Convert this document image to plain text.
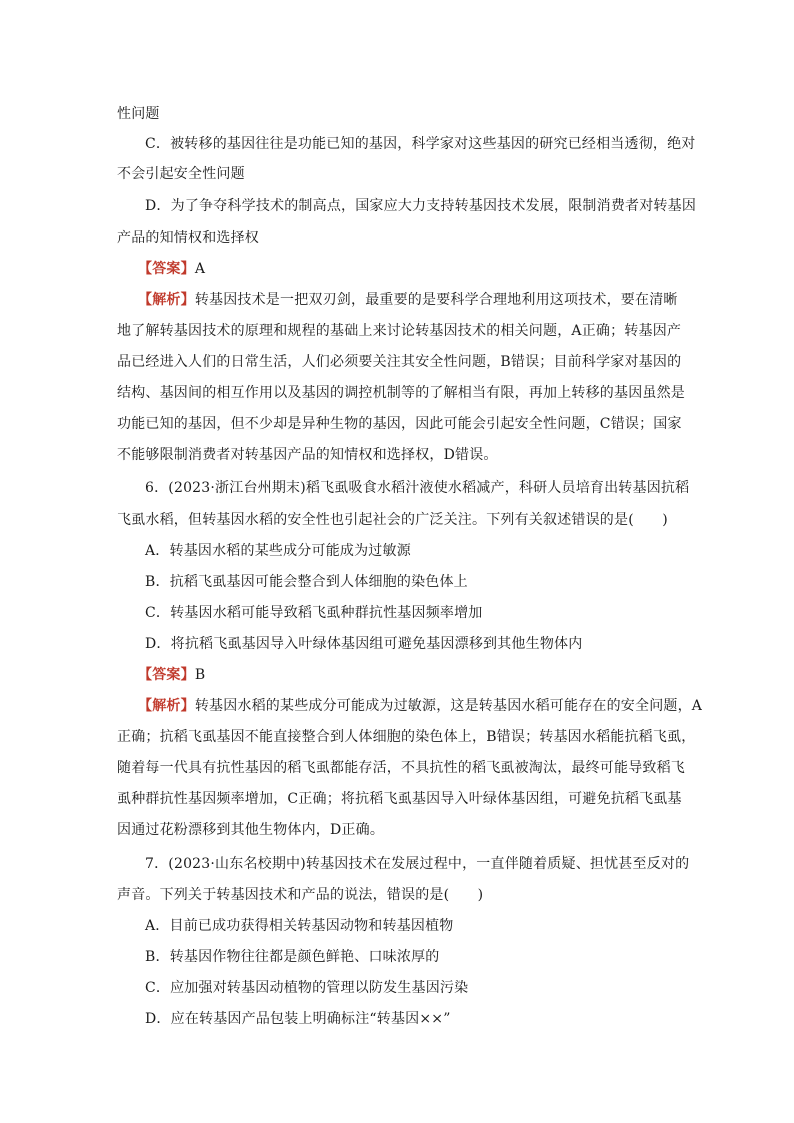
性问题
C．被转移的基因往往是功能已知的基因，科学家对这些基因的研究已经相当透彻，绝对
不会引起安全性问题
D．为了争夺科学技术的制高点，国家应大力支持转基因技术发展，限制消费者对转基因
产品的知情权和选择权
【答案】A
【解析】转基因技术是一把双刃剑，最重要的是要科学合理地利用这项技术，要在清晰
地了解转基因技术的原理和规程的基础上来讨论转基因技术的相关问题，A正确；转基因产
品已经进入人们的日常生活，人们必须要关注其安全性问题，B错误；目前科学家对基因的
结构、基因间的相互作用以及基因的调控机制等的了解相当有限，再加上转移的基因虽然是
功能已知的基因，但不少却是异种生物的基因，因此可能会引起安全性问题，C错误；国家
不能够限制消费者对转基因产品的知情权和选择权，D错误。
6．(2023·浙江台州期末)稻飞虱吸食水稻汁液使水稻减产，科研人员培育出转基因抗稻
飞虱水稻，但转基因水稻的安全性也引起社会的广泛关注。下列有关叙述错误的是(　　)
A．转基因水稻的某些成分可能成为过敏源
B．抗稻飞虱基因可能会整合到人体细胞的染色体上
C．转基因水稻可能导致稻飞虱种群抗性基因频率增加
D．将抗稻飞虱基因导入叶绿体基因组可避免基因漂移到其他生物体内
【答案】B
【解析】转基因水稻的某些成分可能成为过敏源，这是转基因水稻可能存在的安全问题，A
正确；抗稻飞虱基因不能直接整合到人体细胞的染色体上，B错误；转基因水稻能抗稻飞虱，
随着每一代具有抗性基因的稻飞虱都能存活，不具抗性的稻飞虱被淘汰，最终可能导致稻飞
虱种群抗性基因频率增加，C正确；将抗稻飞虱基因导入叶绿体基因组，可避免抗稻飞虱基
因通过花粉漂移到其他生物体内，D正确。
7．(2023·山东名校期中)转基因技术在发展过程中，一直伴随着质疑、担忧甚至反对的
声音。下列关于转基因技术和产品的说法，错误的是(　　)
A．目前已成功获得相关转基因动物和转基因植物
B．转基因作物往往都是颜色鲜艳、口味浓厚的
C．应加强对转基因动植物的管理以防发生基因污染
D．应在转基因产品包装上明确标注“转基因××”
